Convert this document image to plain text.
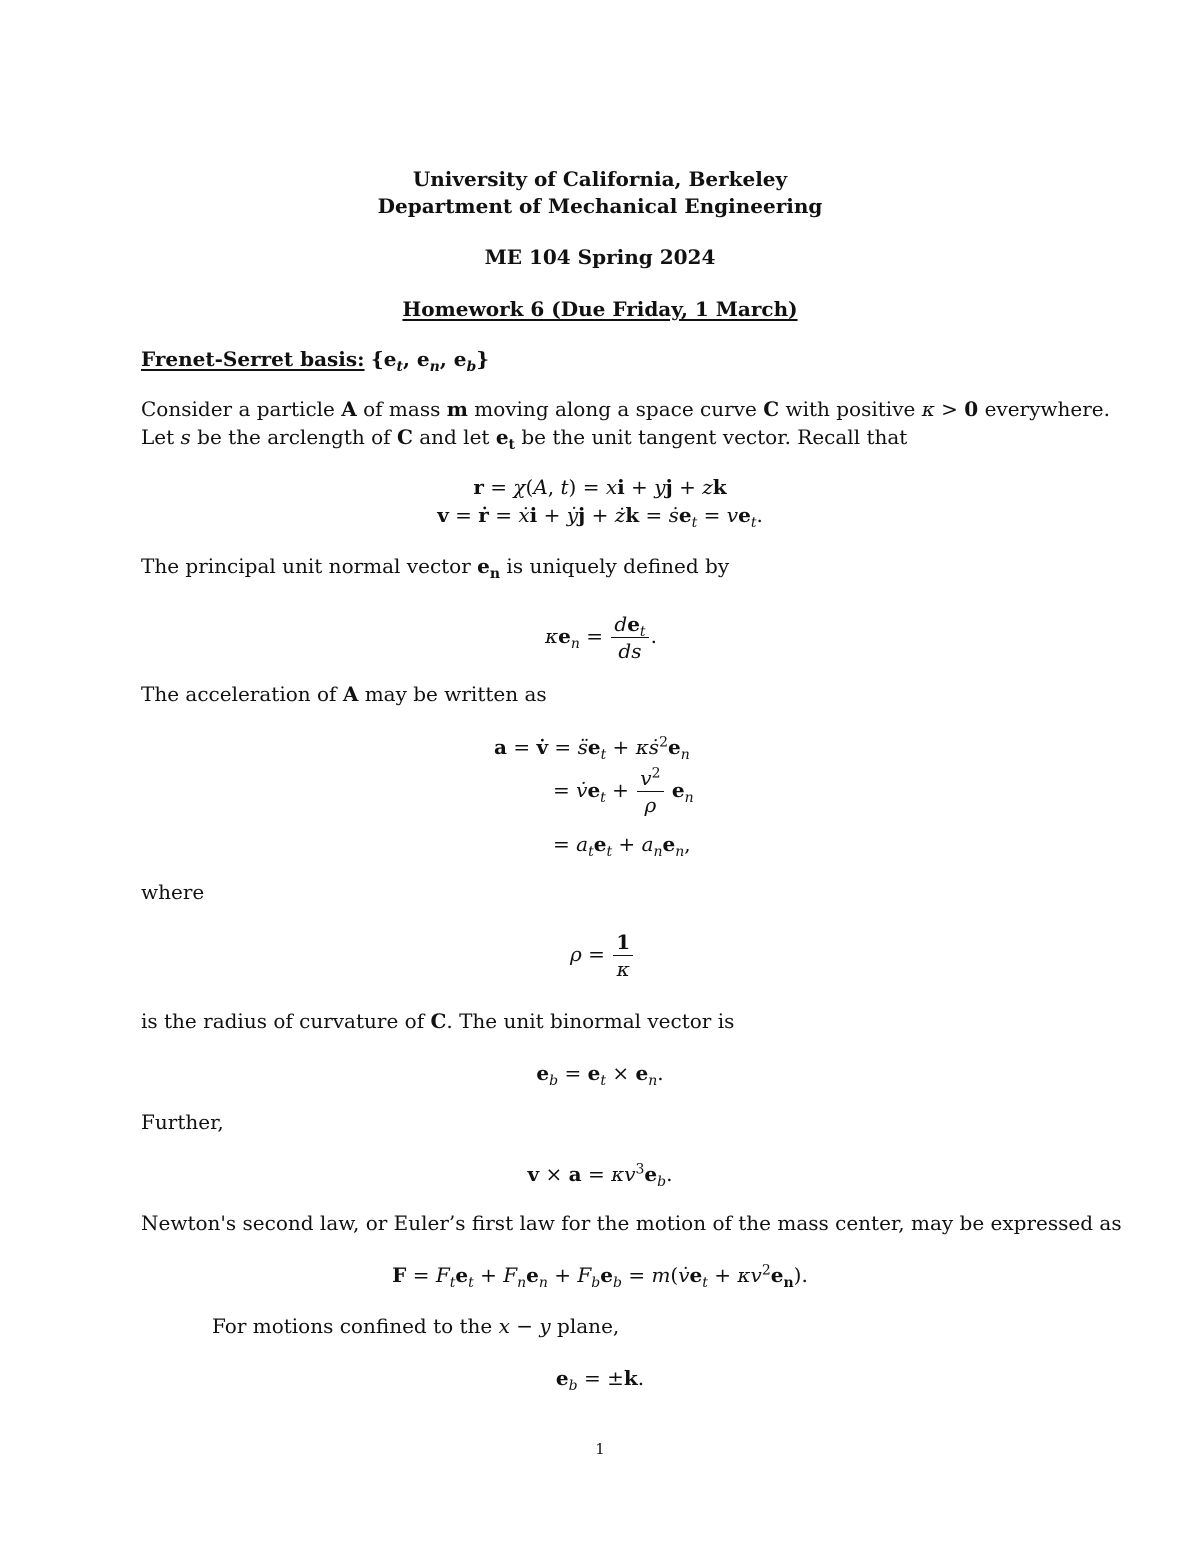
University of California, Berkeley
Department of Mechanical Engineering
ME 104 Spring 2024
Homework 6 (Due Friday, 1 March)
Frenet-Serret basis: {$e_t$, $e_n$, $e_b$}
Consider a particle A of mass m moving along a space curve C with positive κ > 0 everywhere.
Let s be the arclength of C and let $e_t$ be the unit tangent vector. Recall that
r = χ(A, t) = xi + yj + zk
v = ṙ = ẋi + ẏj + żk = ṡe$_t$ = $ve_t$.
The principal unit normal vector $e_n$ is uniquely defined by
$\kappa e_n = \frac{de_t}{ds}$ .
The acceleration of A may be written as
a = v̇ = $s̈e_t$ + $\kappa ṡ^2e_n$
= $v̇e_t + \frac{v^2}{\rho} e_n$
= $a_te_t + a_ne_n$,
where
$\rho = \frac{1}{\kappa}$
is the radius of curvature of C. The unit binormal vector is
$e_b = e_t \times e_n$.
Further,
$v \times a = \kappa v^3e_b$.
Newton's second law, or Euler’s first law for the motion of the mass center, may be expressed as
$F = F_te_t + F_ne_n + F_be_b$ = $m(v̇e_t + \kappa v^2e_n)$.
For motions confined to the x − y plane,
$e_b = \pm k$.
1
